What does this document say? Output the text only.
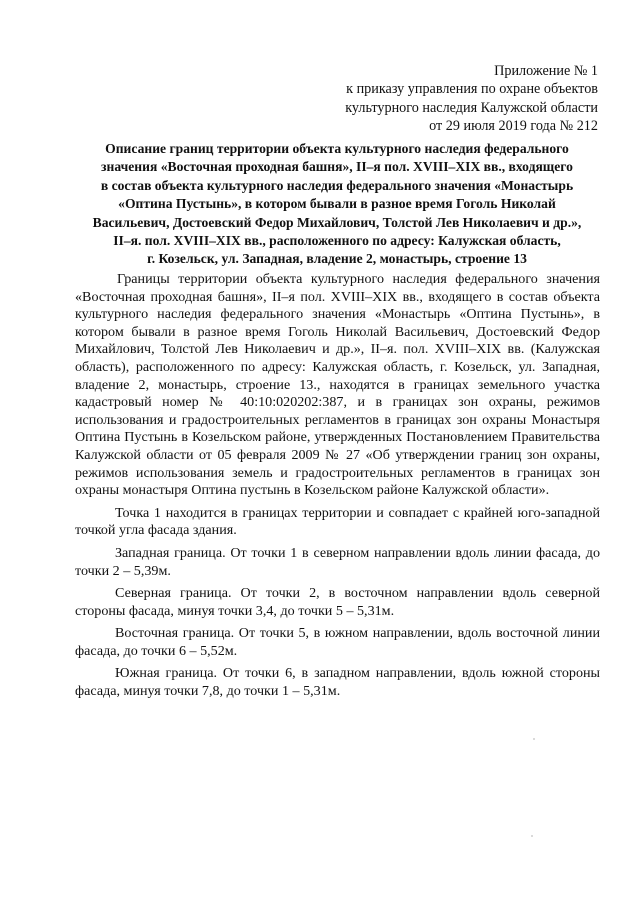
Приложение № 1
к приказу управления по охране объектов
культурного наследия Калужской области
от 29 июля 2019 года № 212
Описание границ территории объекта культурного наследия федерального
значения «Восточная проходная башня», II–я пол. XVIII–XIX вв., входящего
в состав объекта культурного наследия федерального значения «Монастырь
«Оптина Пустынь», в котором бывали в разное время Гоголь Николай
Васильевич, Достоевский Федор Михайлович, Толстой Лев Николаевич и др.»,
II–я. пол. XVIII–XIX вв., расположенного по адресу: Калужская область,
г. Козельск, ул. Западная, владение 2, монастырь, строение 13

Границы территории объекта культурного наследия федерального значения «Восточная проходная башня», II–я пол. XVIII–XIX вв., входящего в состав объекта культурного наследия федерального значения «Монастырь «Оптина Пустынь», в котором бывали в разное время Гоголь Николай Васильевич, Достоевский Федор Михайлович, Толстой Лев Николаевич и др.», II–я. пол. XVIII–XIX вв. (Калужская область), расположенного по адресу: Калужская область, г. Козельск, ул. Западная, владение 2, монастырь, строение 13., находятся в границах земельного участка кадастровый номер № 40:10:020202:387, и в границах зон охраны, режимов использования и градостроительных регламентов в границах зон охраны Монастыря Оптина Пустынь в Козельском районе, утвержденных Постановлением Правительства Калужской области от 05 февраля 2009 № 27 «Об утверждении границ зон охраны, режимов использования земель и градостроительных регламентов в границах зон охраны монастыря Оптина пустынь в Козельском районе Калужской области».

Точка 1 находится в границах территории и совпадает с крайней юго-западной точкой угла фасада здания.

Западная граница. От точки 1 в северном направлении вдоль линии фасада, до точки 2 – 5,39м.

Северная граница. От точки 2, в восточном направлении вдоль северной стороны фасада, минуя точки 3,4, до точки 5 – 5,31м.

Восточная граница. От точки 5, в южном направлении, вдоль восточной линии фасада, до точки 6 – 5,52м.

Южная граница. От точки 6, в западном направлении, вдоль южной стороны фасада, минуя точки 7,8, до точки 1 – 5,31м.
